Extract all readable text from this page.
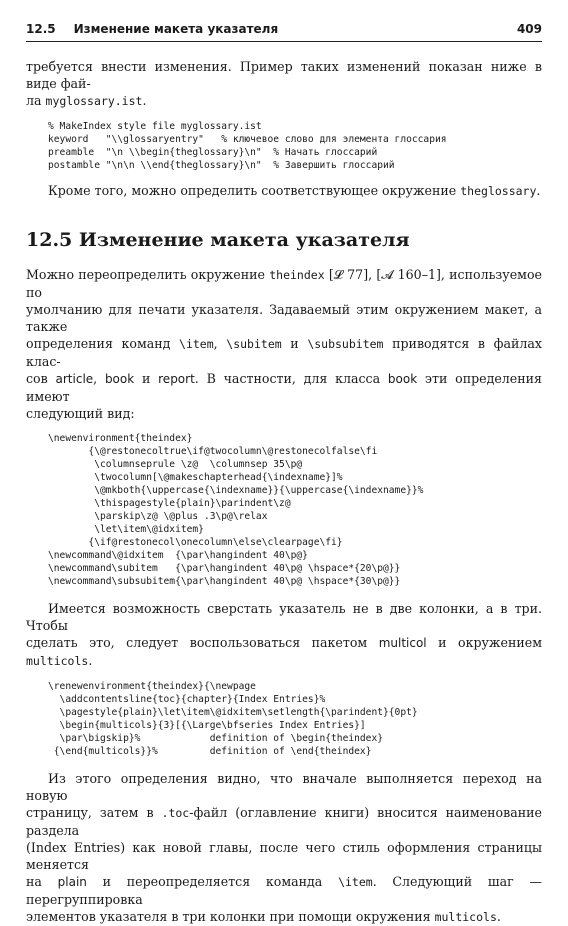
12.5 Изменение макета указателя	409

требуется внести изменения. Пример таких изменений показан ниже в виде фай-
ла myglossary.ist.

% MakeIndex style file myglossary.ist
keyword   "\\glossaryentry"   % ключевое слово для элемента глоссария
preamble  "\n \\begin{theglossary}\n"  % Начать глоссарий
postamble "\n\n \\end{theglossary}\n"  % Завершить глоссарий

Кроме того, можно определить соответствующее окружение theglossary.

12.5 Изменение макета указателя

Можно переопределить окружение theindex [𝓛 77], [𝓐 160–1], используемое по
умолчанию для печати указателя. Задаваемый этим окружением макет, а также
определения команд \item, \subitem и \subsubitem приводятся в файлах клас-
сов article, book и report. В частности, для класса book эти определения имеют
следующий вид:

\newenvironment{theindex}
{\@restonecoltrue\if@twocolumn\@restonecolfalse\fi
\columnseprule \z@  \columnsep 35\p@
\twocolumn[\@makeschapterhead{\indexname}]%
\@mkboth{\uppercase{\indexname}}{\uppercase{\indexname}}%
\thispagestyle{plain}\parindent\z@
\parskip\z@ \@plus .3\p@\relax
\let\item\@idxitem}
{\if@restonecol\onecolumn\else\clearpage\fi}
\newcommand\@idxitem  {\par\hangindent 40\p@}
\newcommand\subitem   {\par\hangindent 40\p@ \hspace*{20\p@}}
\newcommand\subsubitem{\par\hangindent 40\p@ \hspace*{30\p@}}

Имеется возможность сверстать указатель не в две колонки, а в три. Чтобы
сделать это, следует воспользоваться пакетом multicol и окружением multicols.

\renewenvironment{theindex}{\newpage
\addcontentsline{toc}{chapter}{Index Entries}%
\pagestyle{plain}\let\item\@idxitem\setlength{\parindent}{0pt}
\begin{multicols}{3}[{\Large\bfseries Index Entries}]
\par\bigskip}%            definition of \begin{theindex}
{\end{multicols}}%         definition of \end{theindex}

Из этого определения видно, что вначале выполняется переход на новую
страницу, затем в .toc-файл (оглавление книги) вносится наименование раздела
(Index Entries) как новой главы, после чего стиль оформления страницы меняется
на plain и переопределяется команда \item. Следующий шаг — перегруппировка
элементов указателя в три колонки при помощи окружения multicols.
